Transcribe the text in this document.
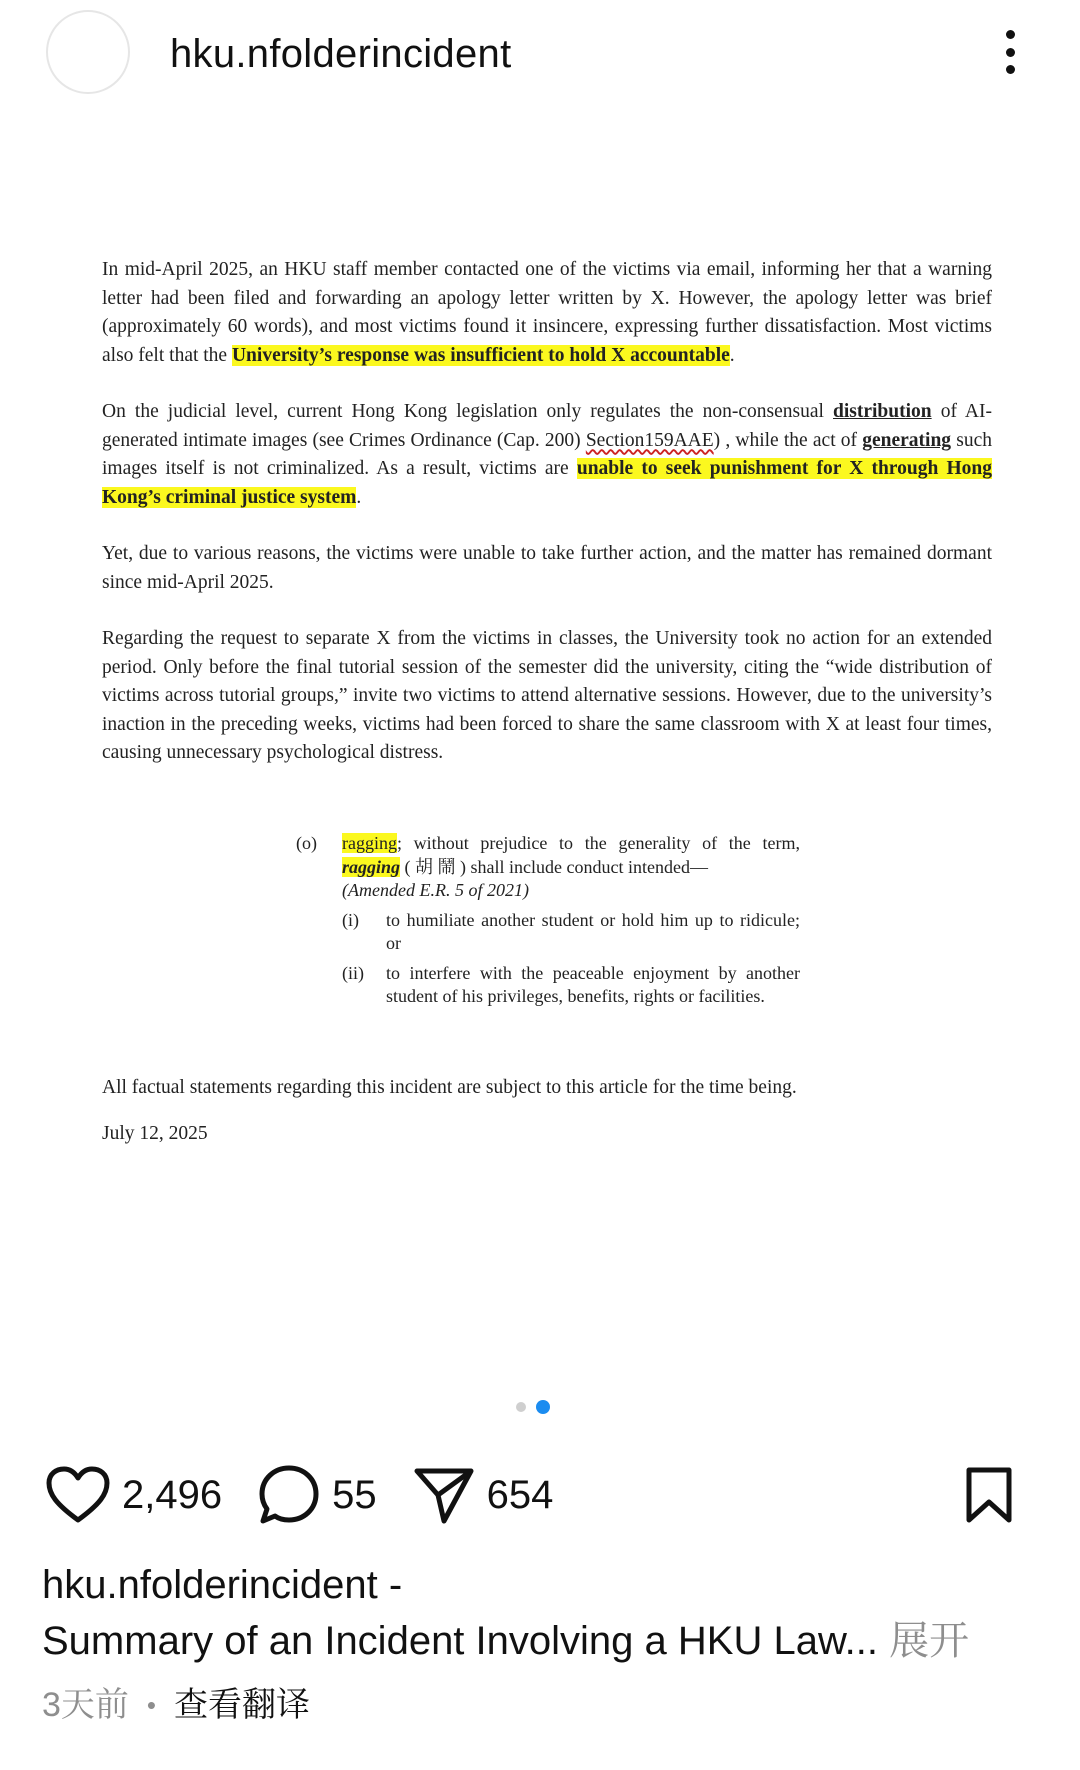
hku.nfolderincident

In mid-April 2025, an HKU staff member contacted one of the victims via email, informing her that a warning letter had been filed and forwarding an apology letter written by X. However, the apology letter was brief (approximately 60 words), and most victims found it insincere, expressing further dissatisfaction. Most victims also felt that the University’s response was insufficient to hold X accountable.

On the judicial level, current Hong Kong legislation only regulates the non-consensual distribution of AI-generated intimate images (see Crimes Ordinance (Cap. 200) Section159AAE) , while the act of generating such images itself is not criminalized. As a result, victims are unable to seek punishment for X through Hong Kong’s criminal justice system.

Yet, due to various reasons, the victims were unable to take further action, and the matter has remained dormant since mid-April 2025.

Regarding the request to separate X from the victims in classes, the University took no action for an extended period. Only before the final tutorial session of the semester did the university, citing the “wide distribution of victims across tutorial groups,” invite two victims to attend alternative sessions. However, due to the university’s inaction in the preceding weeks, victims had been forced to share the same classroom with X at least four times, causing unnecessary psychological distress.

(o)	ragging; without prejudice to the generality of the term, ragging ( 胡 鬧 ) shall include conduct intended—
(Amended E.R. 5 of 2021)
(i)	to humiliate another student or hold him up to ridicule; or
(ii)	to interfere with the peaceable enjoyment by another student of his privileges, benefits, rights or facilities.

All factual statements regarding this incident are subject to this article for the time being.

July 12, 2025

2,496	55	654
hku.nfolderincident -
Summary of an Incident Involving a HKU Law... 展开
3天前 • 查看翻译
